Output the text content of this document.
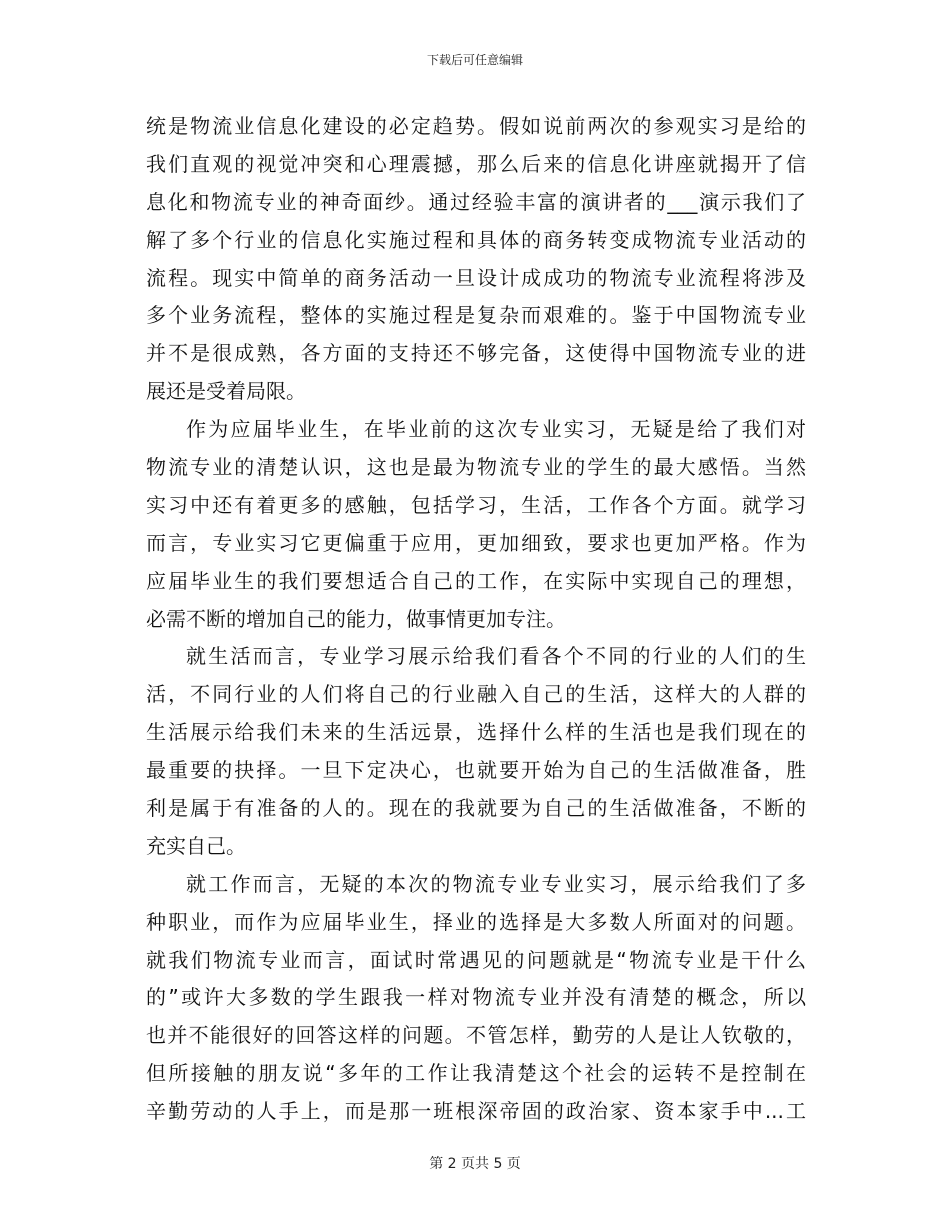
下载后可任意编辑
统是物流业信息化建设的必定趋势。假如说前两次的参观实习是给的
我们直观的视觉冲突和心理震撼，那么后来的信息化讲座就揭开了信
息化和物流专业的神奇面纱。通过经验丰富的演讲者的___演示我们了
解了多个行业的信息化实施过程和具体的商务转变成物流专业活动的
流程。现实中简单的商务活动一旦设计成成功的物流专业流程将涉及
多个业务流程，整体的实施过程是复杂而艰难的。鉴于中国物流专业
并不是很成熟，各方面的支持还不够完备，这使得中国物流专业的进
展还是受着局限。
作为应届毕业生，在毕业前的这次专业实习，无疑是给了我们对
物流专业的清楚认识，这也是最为物流专业的学生的最大感悟。当然
实习中还有着更多的感触，包括学习，生活，工作各个方面。就学习
而言，专业实习它更偏重于应用，更加细致，要求也更加严格。作为
应届毕业生的我们要想适合自己的工作，在实际中实现自己的理想，
必需不断的增加自己的能力，做事情更加专注。
就生活而言，专业学习展示给我们看各个不同的行业的人们的生
活，不同行业的人们将自己的行业融入自己的生活，这样大的人群的
生活展示给我们未来的生活远景，选择什么样的生活也是我们现在的
最重要的抉择。一旦下定决心，也就要开始为自己的生活做准备，胜
利是属于有准备的人的。现在的我就要为自己的生活做准备，不断的
充实自己。
就工作而言，无疑的本次的物流专业专业实习，展示给我们了多
种职业，而作为应届毕业生，择业的选择是大多数人所面对的问题。
就我们物流专业而言，面试时常遇见的问题就是“物流专业是干什么
的”或许大多数的学生跟我一样对物流专业并没有清楚的概念，所以
也并不能很好的回答这样的问题。不管怎样，勤劳的人是让人钦敬的，
但所接触的朋友说“多年的工作让我清楚这个社会的运转不是控制在
辛勤劳动的人手上，而是那一班根深帝固的政治家、资本家手中...工
第 2 页共 5 页
